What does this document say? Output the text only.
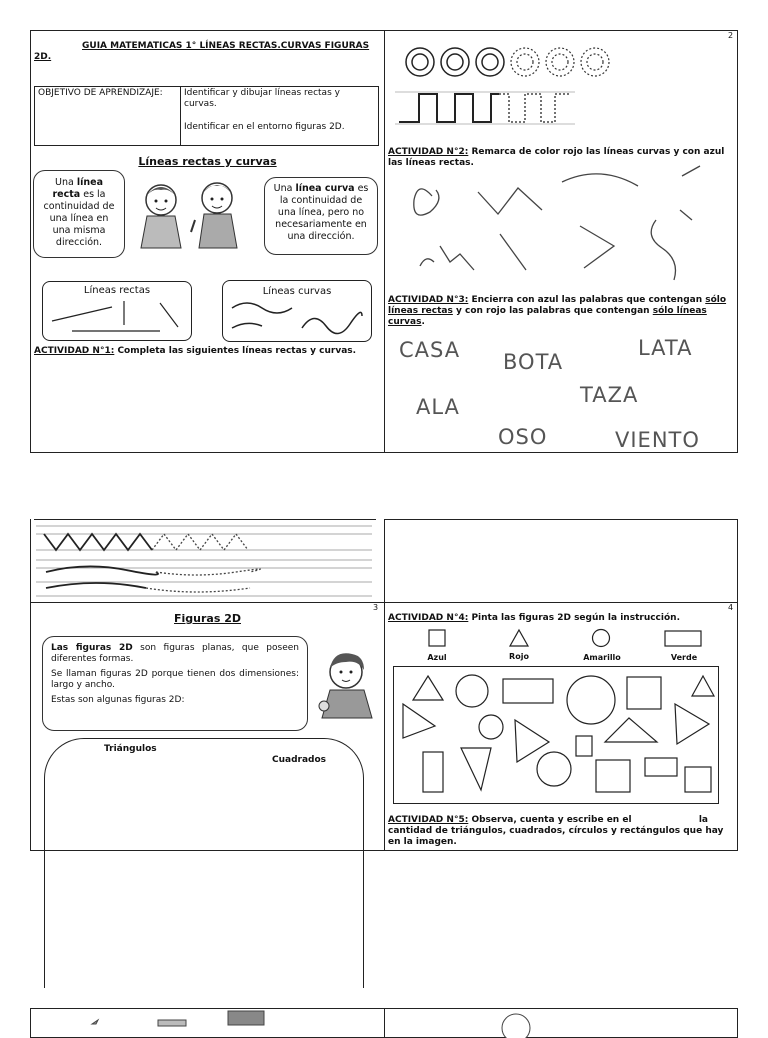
GUIA MATEMATICAS 1° LÍNEAS RECTAS.CURVAS FIGURAS 2D.
OBJETIVO DE APRENDIZAJE:	Identificar y dibujar líneas rectas y curvas.
Identificar en el entorno figuras 2D.
Líneas rectas y curvas
Una línea recta es la continuidad de una línea en una misma dirección.
Una línea curva es la continuidad de una línea, pero no necesariamente en una dirección.
Líneas rectas	Líneas curvas
ACTIVIDAD N°1: Completa las siguientes líneas rectas y curvas.
2
ACTIVIDAD N°2: Remarca de color rojo las líneas curvas y con azul las líneas rectas.
ACTIVIDAD N°3: Encierra con azul las palabras que contengan sólo líneas rectas y con rojo las palabras que contengan sólo líneas curvas.
CASA BOTA
LATA
ALA	TAZA
OSO	VIENTO
3
Figuras 2D
Las figuras 2D son figuras planas, que poseen diferentes formas.
Se llaman figuras 2D porque tienen dos dimensiones: largo y ancho.
Estas son algunas figuras 2D:
Triángulos
Cuadrados
4
ACTIVIDAD N°4: Pinta las figuras 2D según la instrucción.
Azul	Rojo	Amarillo	Verde
ACTIVIDAD N°5: Observa, cuenta y escribe en el	la

cantidad de triángulos, cuadrados, círculos y rectángulos que hay en la imagen.
